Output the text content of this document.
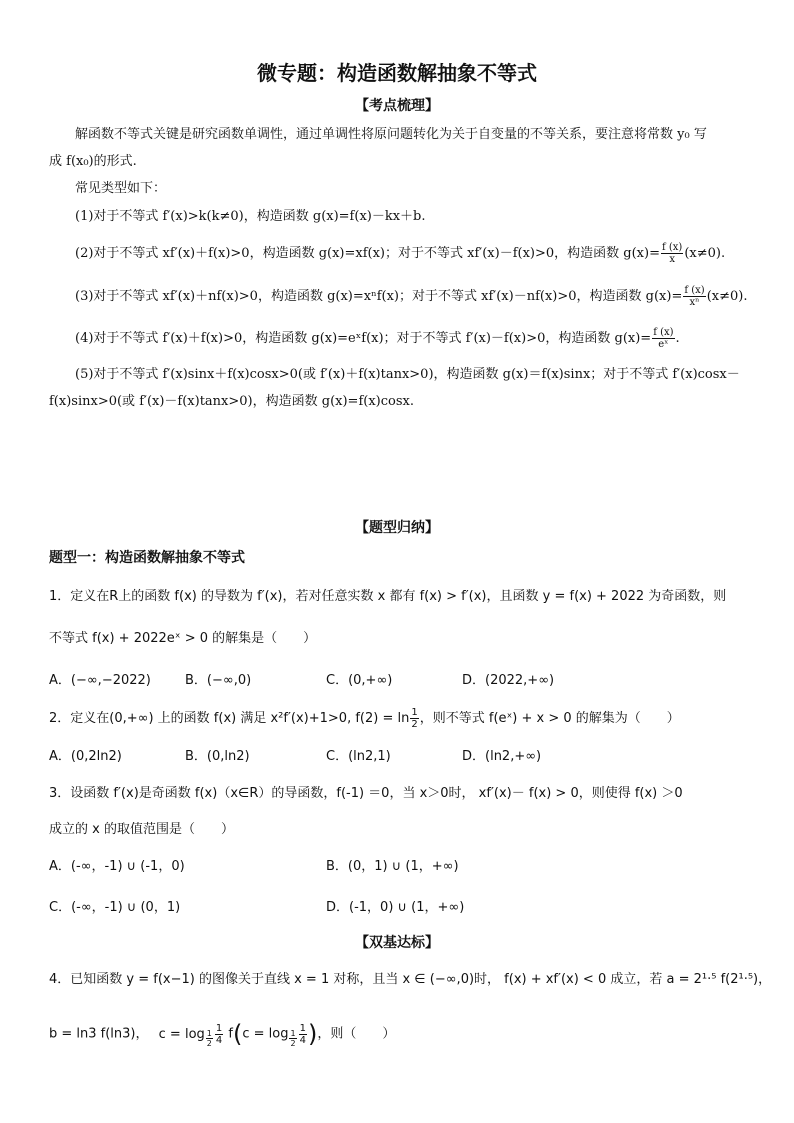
微专题：构造函数解抽象不等式
【考点梳理】
解函数不等式关键是研究函数单调性，通过单调性将原问题转化为关于自变量的不等关系，要注意将常数 y₀ 写
成 f(x₀)的形式.
常见类型如下：
(1)对于不等式 f′(x)>k(k≠0)，构造函数 g(x)=f(x)－kx＋b.
(2)对于不等式 xf′(x)＋f(x)>0，构造函数 g(x)=xf(x)；对于不等式 xf′(x)－f(x)>0，构造函数 $g(x)= \frac{f (x)}{x} (x\ne 0)$.
(3)对于不等式 xf′(x)＋nf(x)>0，构造函数 g(x)=xⁿf(x)；对于不等式 xf′(x)－nf(x)>0，构造函数 $g(x)= \frac{f (x)}{\text{xⁿ}} (x\ne 0)$.
(4)对于不等式 f′(x)＋f(x)>0，构造函数 g(x)=eˣf(x)；对于不等式 f′(x)－f(x)>0，构造函数 $g(x)= \frac{f (x)}{\text{eˣ}}$ .
(5)对于不等式 f′(x)sinx＋f(x)cosx>0(或 f′(x)＋f(x)tanx>0)，构造函数 g(x)＝f(x)sinx；对于不等式 f′(x)cosx－
f(x)sinx>0(或 f′(x)－f(x)tanx>0)，构造函数 g(x)=f(x)cosx.
【题型归纳】
题型一：构造函数解抽象不等式
1．定义在R上的函数 f(x) 的导数为 f′(x)，若对任意实数 x 都有 f(x) > f′(x)，且函数 y = f(x) + 2022 为奇函数，则
不等式 f(x) + 2022eˣ > 0 的解集是（　　）
A．(−∞,−2022)	B．(−∞,0)	C．(0,+∞)	D．(2022,+∞)
2．定义在(0,+∞) 上的函数 f(x) 满足 x²f′(x)+1>0, $f(2) = \ln \frac{1}{2}$ ，则不等式 f(eˣ) + x > 0 的解集为（　　）
A．(0,2ln2)	B．(0,ln2)	C．(ln2,1)	D．(ln2,+∞)
3．设函数 f′(x)是奇函数 f(x)（x∈R）的导函数，f(-1) ＝0，当 x＞0时， xf′(x)－ f(x) > 0，则使得 f(x) ＞0
成立的 x 的取值范围是（　　）
A．(-∞，-1) ∪ (-1，0)	B．(0，1) ∪ (1，+∞)
C．(-∞，-1) ∪ (0，1)	D．(-1，0) ∪ (1，+∞)
【双基达标】
4．已知函数 y = f(x−1) 的图像关于直线 x = 1 对称，且当 x ∈ (−∞,0)时， f(x) + xf′(x) < 0 成立，若 a = 2¹·⁵ f(2¹·⁵)，
b = ln3 f(ln3)， $c = \log \frac{1}{2} \frac{1}{4} f(c = \log \frac{1}{2} \frac{1}{4}$ )，则（　　）
